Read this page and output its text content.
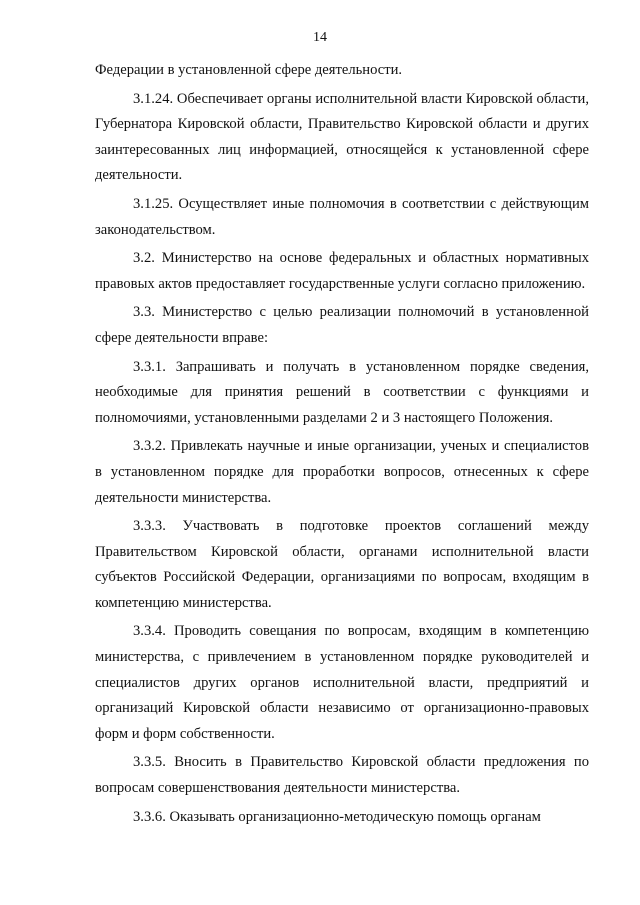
14

Федерации в установленной сфере деятельности.

3.1.24. Обеспечивает органы исполнительной власти Кировской области, Губернатора Кировской области, Правительство Кировской области и других заинтересованных лиц информацией, относящейся к установленной сфере деятельности.

3.1.25. Осуществляет иные полномочия в соответствии с действующим законодательством.

3.2. Министерство на основе федеральных и областных нормативных правовых актов предоставляет государственные услуги согласно приложению.

3.3. Министерство с целью реализации полномочий в установленной сфере деятельности вправе:

3.3.1. Запрашивать и получать в установленном порядке сведения, необходимые для принятия решений в соответствии с функциями и полномочиями, установленными разделами 2 и 3 настоящего Положения.

3.3.2. Привлекать научные и иные организации, ученых и специалистов в установленном порядке для проработки вопросов, отнесенных к сфере деятельности министерства.

3.3.3. Участвовать в подготовке проектов соглашений между Правительством Кировской области, органами исполнительной власти субъектов Российской Федерации, организациями по вопросам, входящим в компетенцию министерства.

3.3.4. Проводить совещания по вопросам, входящим в компетенцию министерства, с привлечением в установленном порядке руководителей и специалистов других органов исполнительной власти, предприятий и организаций Кировской области независимо от организационно-правовых форм и форм собственности.

3.3.5. Вносить в Правительство Кировской области предложения по вопросам совершенствования деятельности министерства.

3.3.6. Оказывать организационно-методическую помощь органам
